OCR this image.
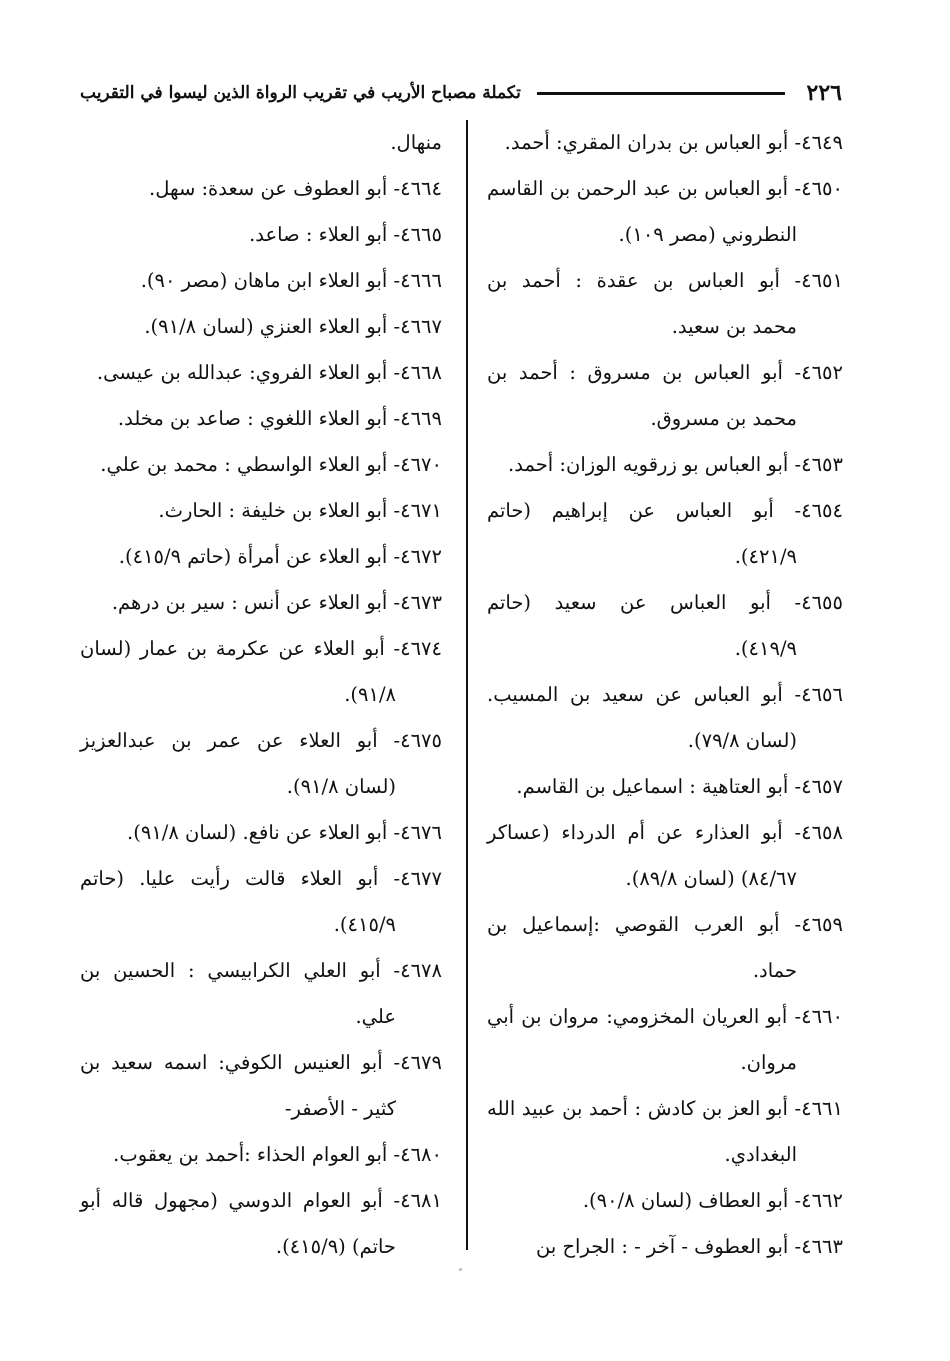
٢٢٦
تكملة مصباح الأريب في تقريب الرواة الذين ليسوا في التقريب
٤٦٤٩- أبو العباس بن بدران المقري: أحمد.
٤٦٥٠- أبو العباس بن عبد الرحمن بن القاسم
النطروني (مصر ١٠٩).
٤٦٥١- أبو العباس بن عقدة : أحمد بن
محمد بن سعيد.
٤٦٥٢- أبو العباس بن مسروق : أحمد بن
محمد بن مسروق.
٤٦٥٣- أبو العباس بو زرقويه الوزان: أحمد.
٤٦٥٤- أبو العباس عن إبراهيم (حاتم
٤٢١/٩).
٤٦٥٥- أبو العباس عن سعيد (حاتم
٤١٩/٩).
٤٦٥٦- أبو العباس عن سعيد بن المسيب.
(لسان ٧٩/٨).
٤٦٥٧- أبو العتاهية : اسماعيل بن القاسم.
٤٦٥٨- أبو العذارء عن أم الدرداء (عساكر
٨٤/٦٧) (لسان ٨٩/٨).
٤٦٥٩- أبو العرب القوصي :إسماعيل بن
حماد.
٤٦٦٠- أبو العريان المخزومي: مروان بن أبي
مروان.
٤٦٦١- أبو العز بن كادش : أحمد بن عبيد الله
البغدادي.
٤٦٦٢- أبو العطاف (لسان ٩٠/٨).
٤٦٦٣- أبو العطوف - آخر - : الجراح بن
منهال.
٤٦٦٤- أبو العطوف عن سعدة: سهل.
٤٦٦٥- أبو العلاء : صاعد.
٤٦٦٦- أبو العلاء ابن ماهان (مصر ٩٠).
٤٦٦٧- أبو العلاء العنزي (لسان ٩١/٨).
٤٦٦٨- أبو العلاء الفروي: عبدالله بن عيسى.
٤٦٦٩- أبو العلاء اللغوي : صاعد بن مخلد.
٤٦٧٠- أبو العلاء الواسطي : محمد بن علي.
٤٦٧١- أبو العلاء بن خليفة : الحارث.
٤٦٧٢- أبو العلاء عن أمرأة (حاتم ٤١٥/٩).
٤٦٧٣- أبو العلاء عن أنس : سير بن درهم.
٤٦٧٤- أبو العلاء عن عكرمة بن عمار (لسان
٩١/٨).
٤٦٧٥- أبو العلاء عن عمر بن عبدالعزيز
(لسان ٩١/٨).
٤٦٧٦- أبو العلاء عن نافع. (لسان ٩١/٨).
٤٦٧٧- أبو العلاء قالت رأيت عليا. (حاتم
٤١٥/٩).
٤٦٧٨- أبو العلي الكرابيسي : الحسين بن
علي.
٤٦٧٩- أبو العنيس الكوفي: اسمه سعيد بن
كثير - الأصفر-
٤٦٨٠- أبو العوام الحذاء :أحمد بن يعقوب.
٤٦٨١- أبو العوام الدوسي (مجهول قاله أبو
حاتم) (٤١٥/٩).
